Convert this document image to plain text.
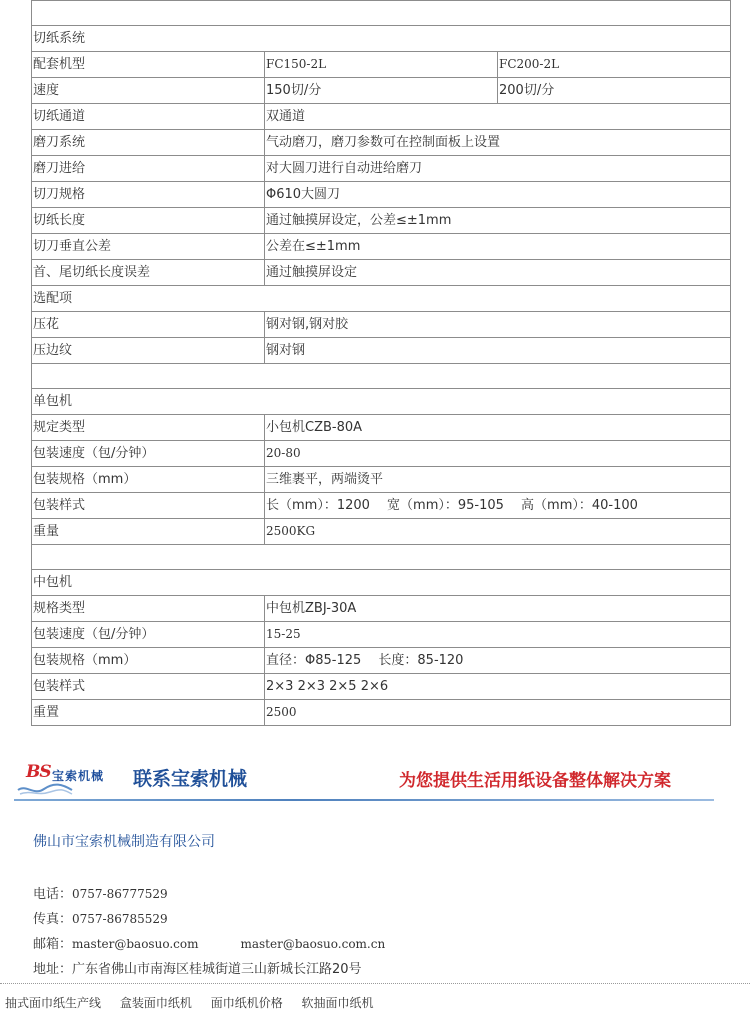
切纸系统		
配套机型	FC150-2L	FC200-2L
速度	150切/分	200切/分
切纸通道	双通道	
磨刀系统	气动磨刀，磨刀参数可在控制面板上设置	
磨刀进给	对大圆刀进行自动进给磨刀	
切刀规格	Φ610大圆刀	
切纸长度	通过触摸屏设定，公差≤±1mm	
切刀垂直公差	公差在≤±1mm	
首、尾切纸长度误差	通过触摸屏设定	
选配项		
压花	钢对钢,钢对胶	
压边纹	钢对钢	

单包机		
规定类型	小包机CZB-80A	
包装速度（包/分钟）	20-80	
包装规格（mm）	三维裹平，两端烫平	
包装样式	长（mm）：1200　 宽（mm）：95-105　 高（mm）：40-100	
重量	2500KG	

中包机		
规格类型	中包机ZBJ-30A	
包装速度（包/分钟）	15-25	
包装规格（mm）	直径：Φ85-125　 长度：85-120	
包装样式	2×3 2×3 2×5 2×6	
重置	2500	
BS 宝索机械 联系宝索机械	为您提供生活用纸设备整体解决方案
佛山市宝索机械制造有限公司
电话：0757-86777529
传真：0757-86785529
邮箱：master@baosuo.com	master@baosuo.com.cn
地址：广东省佛山市南海区桂城街道三山新城长江路20号
抽式面巾纸生产线 盒装面巾纸机 面巾纸机价格 软抽面巾纸机
